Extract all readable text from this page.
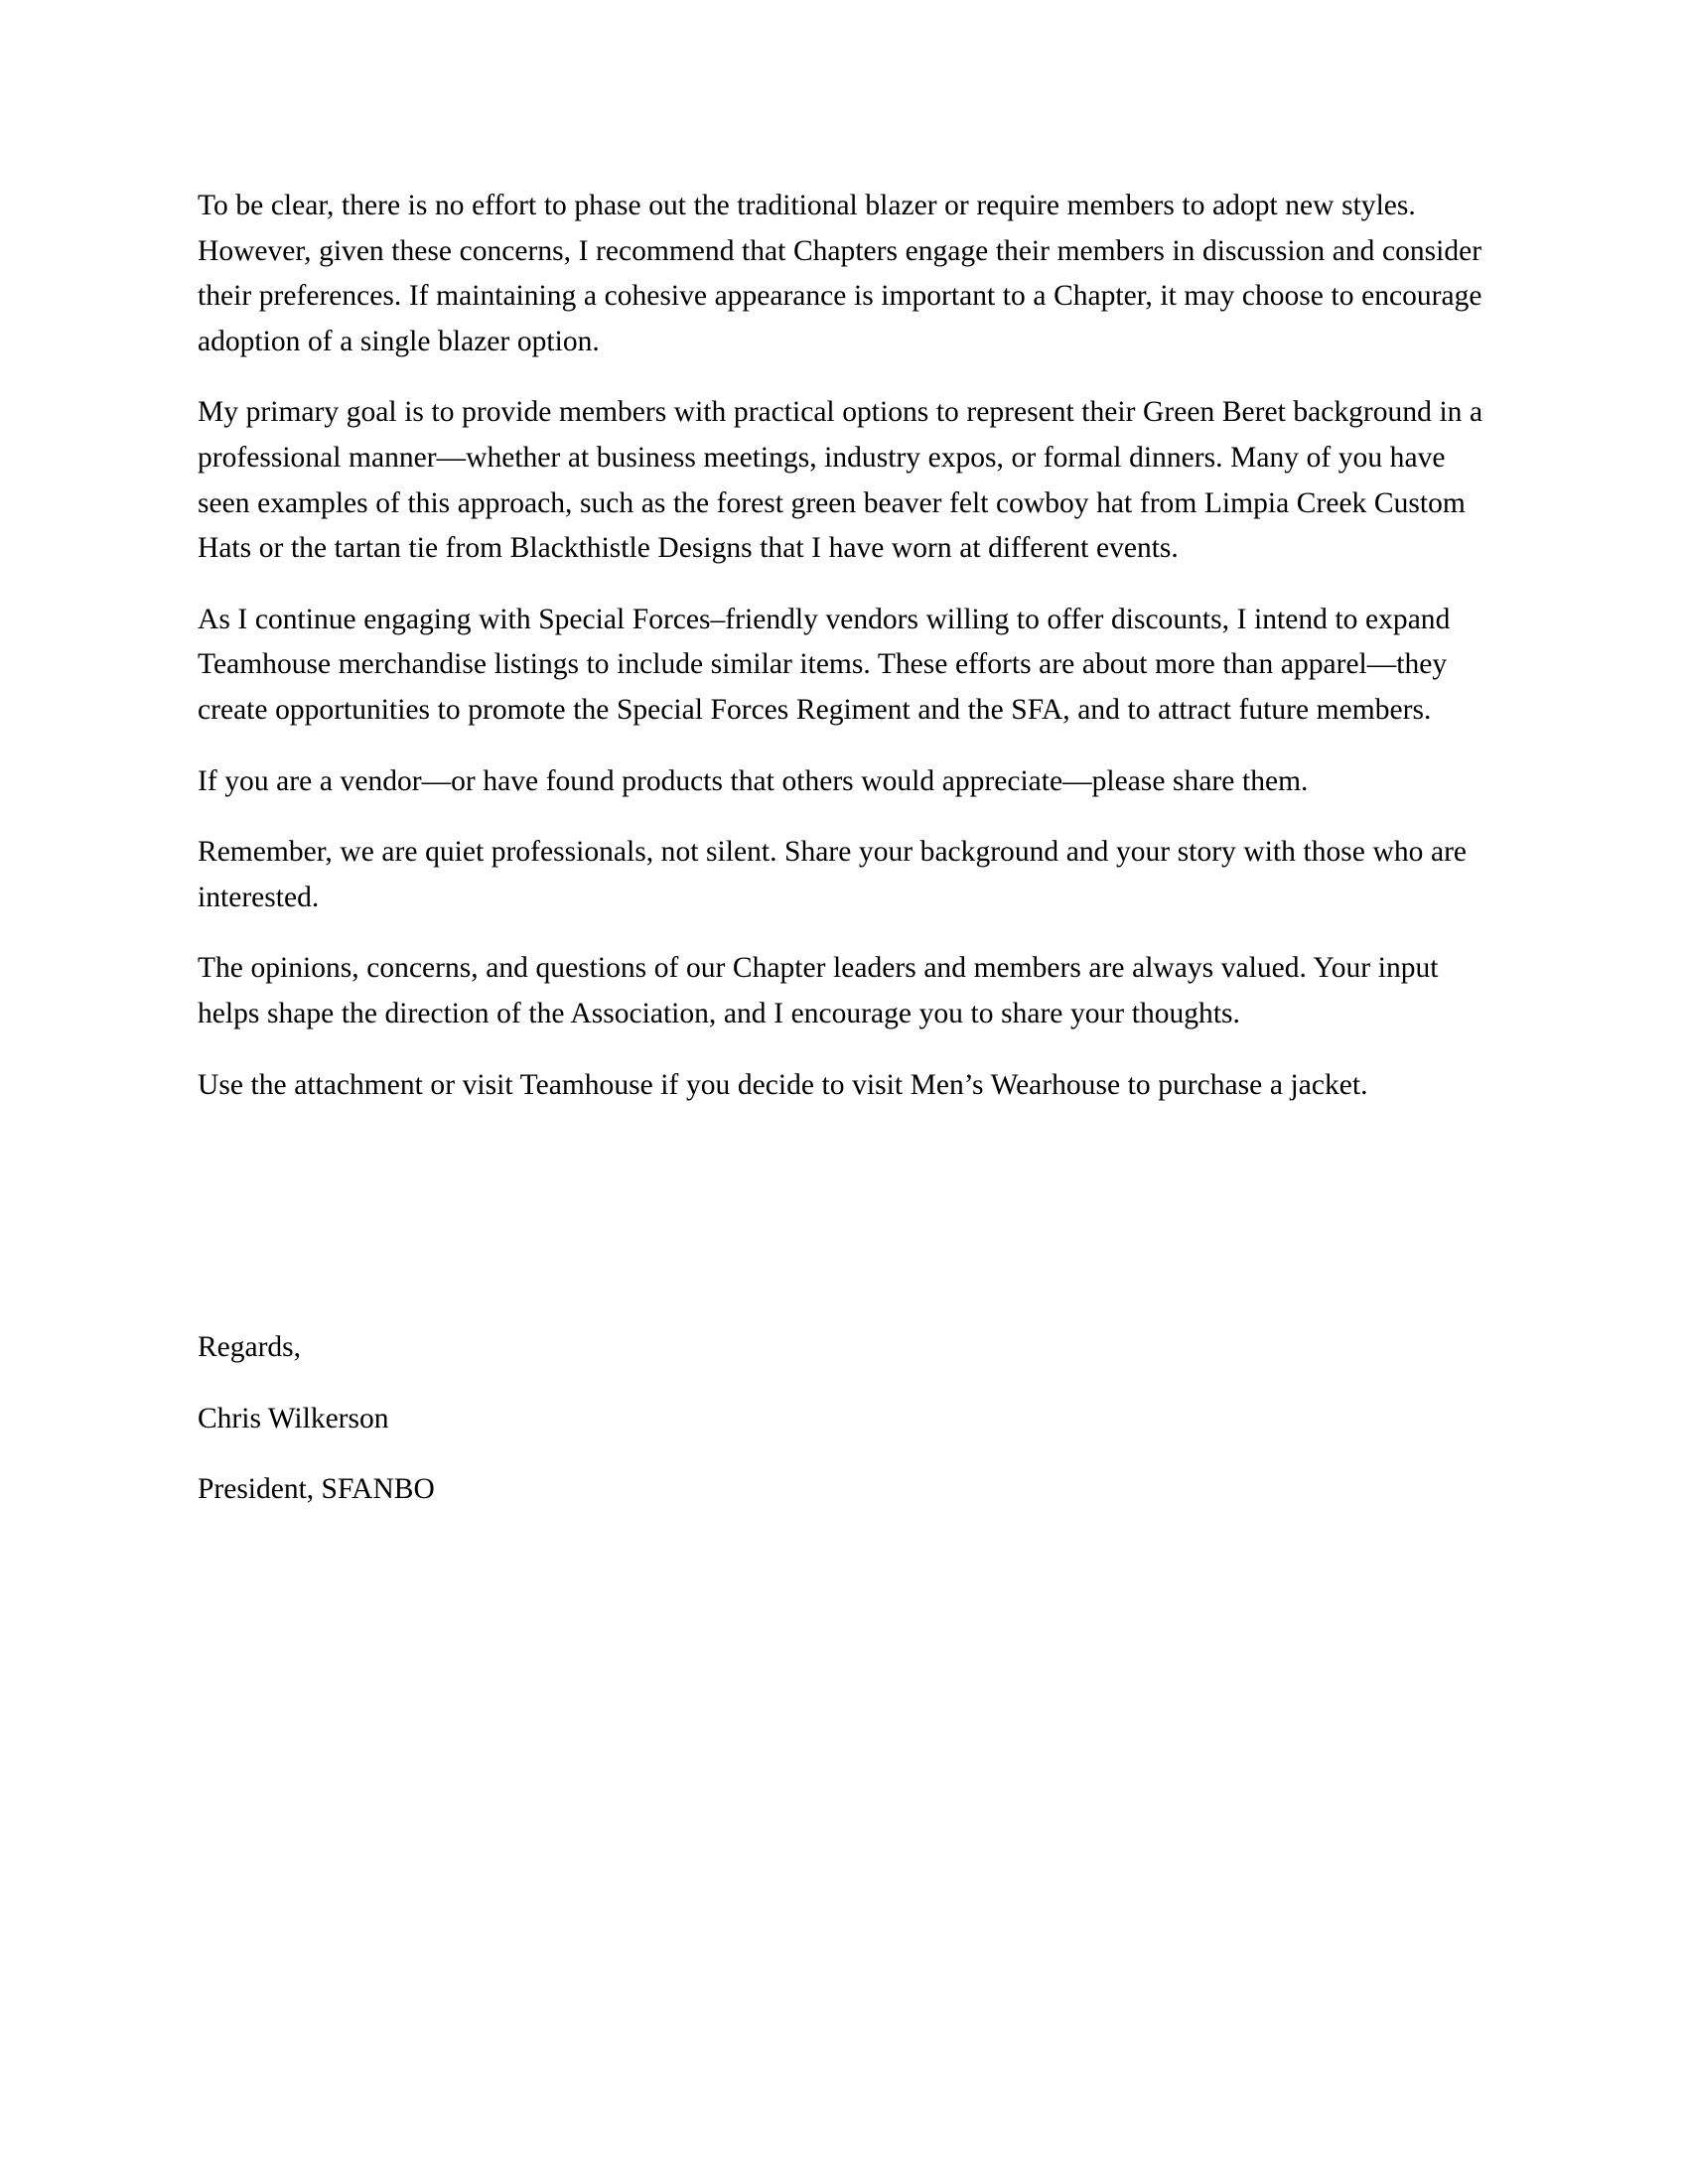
To be clear, there is no effort to phase out the traditional blazer or require members to adopt new styles. However, given these concerns, I recommend that Chapters engage their members in discussion and consider their preferences. If maintaining a cohesive appearance is important to a Chapter, it may choose to encourage adoption of a single blazer option.

My primary goal is to provide members with practical options to represent their Green Beret background in a professional manner—whether at business meetings, industry expos, or formal dinners. Many of you have seen examples of this approach, such as the forest green beaver felt cowboy hat from Limpia Creek Custom Hats or the tartan tie from Blackthistle Designs that I have worn at different events.

As I continue engaging with Special Forces–friendly vendors willing to offer discounts, I intend to expand Teamhouse merchandise listings to include similar items. These efforts are about more than apparel—they create opportunities to promote the Special Forces Regiment and the SFA, and to attract future members.

If you are a vendor—or have found products that others would appreciate—please share them.

Remember, we are quiet professionals, not silent. Share your background and your story with those who are interested.

The opinions, concerns, and questions of our Chapter leaders and members are always valued. Your input helps shape the direction of the Association, and I encourage you to share your thoughts.

Use the attachment or visit Teamhouse if you decide to visit Men’s Wearhouse to purchase a jacket.

Regards,

Chris Wilkerson

President, SFANBO
